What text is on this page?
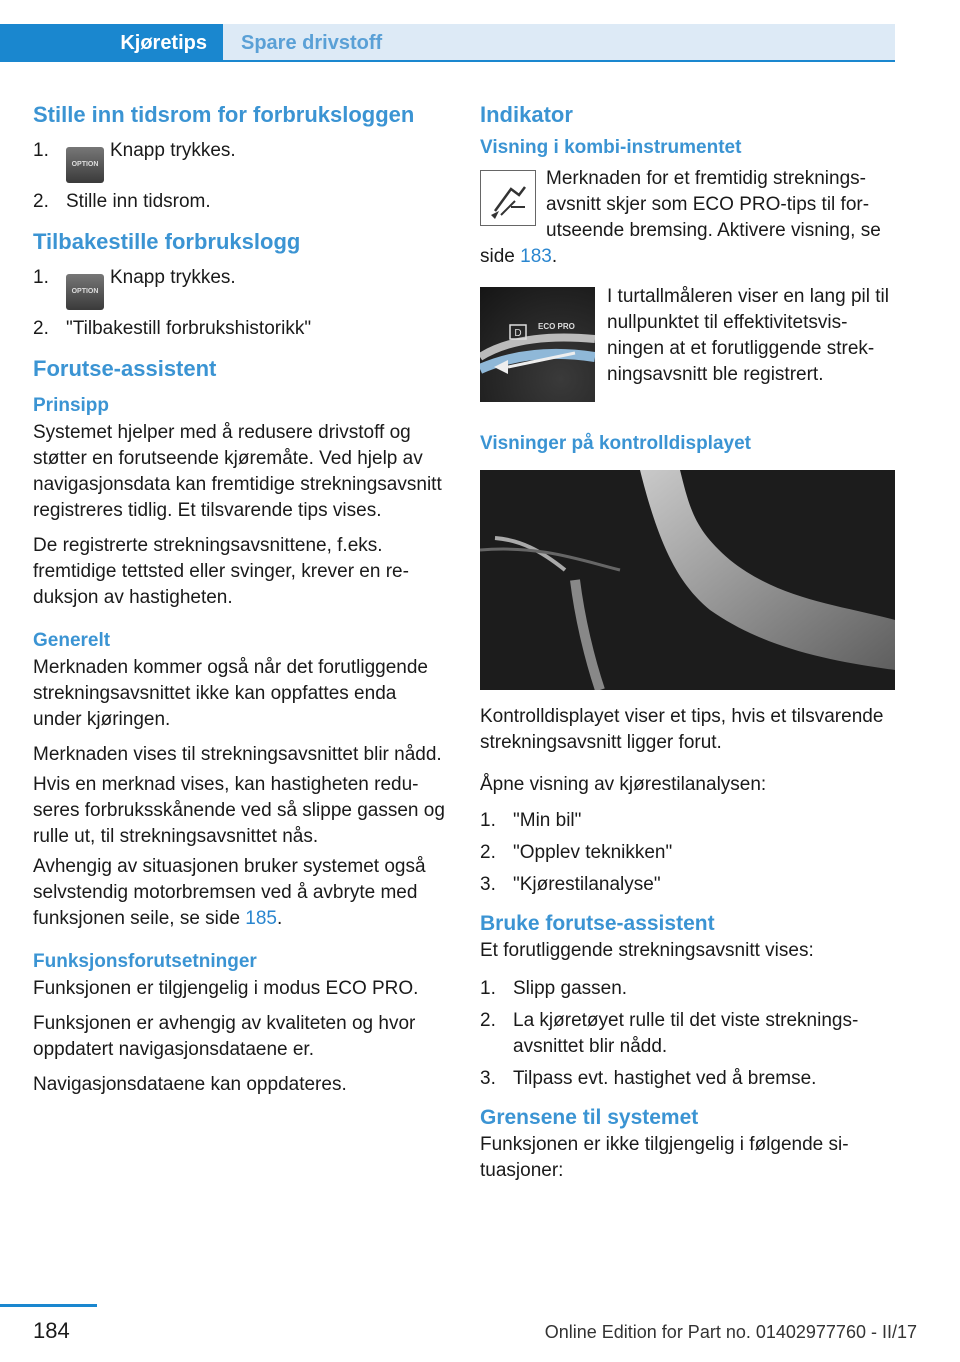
Kjøretips	Spare drivstoff
Stille inn tidsrom for forbruksloggen
1.
OPTIONKnapp trykkes.
2. Stille inn tidsrom.
Tilbakestille forbrukslogg
1.
OPTIONKnapp trykkes.
2. "Tilbakestill forbrukshistorikk"
Forutse-assistent
Prinsipp

Systemet hjelper med å redusere drivstoff og støtter en forutseende kjøremåte. Ved hjelp av navigasjonsdata kan fremtidige strekningsavsnitt registreres tidlig. Et tilsvarende tips vises.

De registrerte strekningsavsnittene, f.eks. fremtidige tettsted eller svinger, krever en reduksjon av hastigheten.

Generelt

Merknaden kommer også når det forutliggende strekningsavsnittet ikke kan oppfattes enda under kjøringen.

Merknaden vises til strekningsavsnittet blir nådd.

Hvis en merknad vises, kan hastigheten reduseres forbruksskånende ved så slippe gassen og rulle ut, til strekningsavsnittet nås.

Avhengig av situasjonen bruker systemet også selvstendig motorbremsen ved å avbryte med funksjonen seile, se side 185.

Funksjonsforutsetninger

Funksjonen er tilgjengelig i modus ECO PRO.

Funksjonen er avhengig av kvaliteten og hvor oppdatert navigasjonsdataene er.

Navigasjonsdataene kan oppdateres.

Indikator
Visning i kombi-instrumentet

Merknaden for et fremtidig strekningsavsnitt skjer som ECO PRO-tips til forutseende bremsing. Aktivere visning, se side 183.

D
ECO PRO

I turtallmåleren viser en lang pil til nullpunktet til effektivitetsvisningen at et forutliggende strekningsavsnitt ble registrert.

Visninger på kontrolldisplayet

Kontrolldisplayet viser et tips, hvis et tilsvarende strekningsavsnitt ligger forut.

Åpne visning av kjørestilanalysen:

1. "Min bil"
2. "Opplev teknikken"
3. "Kjørestilanalyse"
Bruke forutse-assistent

Et forutliggende strekningsavsnitt vises:

1. Slipp gassen.
2. La kjøretøyet rulle til det viste strekningsavsnittet blir nådd.
3. Tilpass evt. hastighet ved å bremse.
Grensene til systemet

Funksjonen er ikke tilgjengelig i følgende situasjoner:

184	Online Edition for Part no. 01402977760 - II/17
